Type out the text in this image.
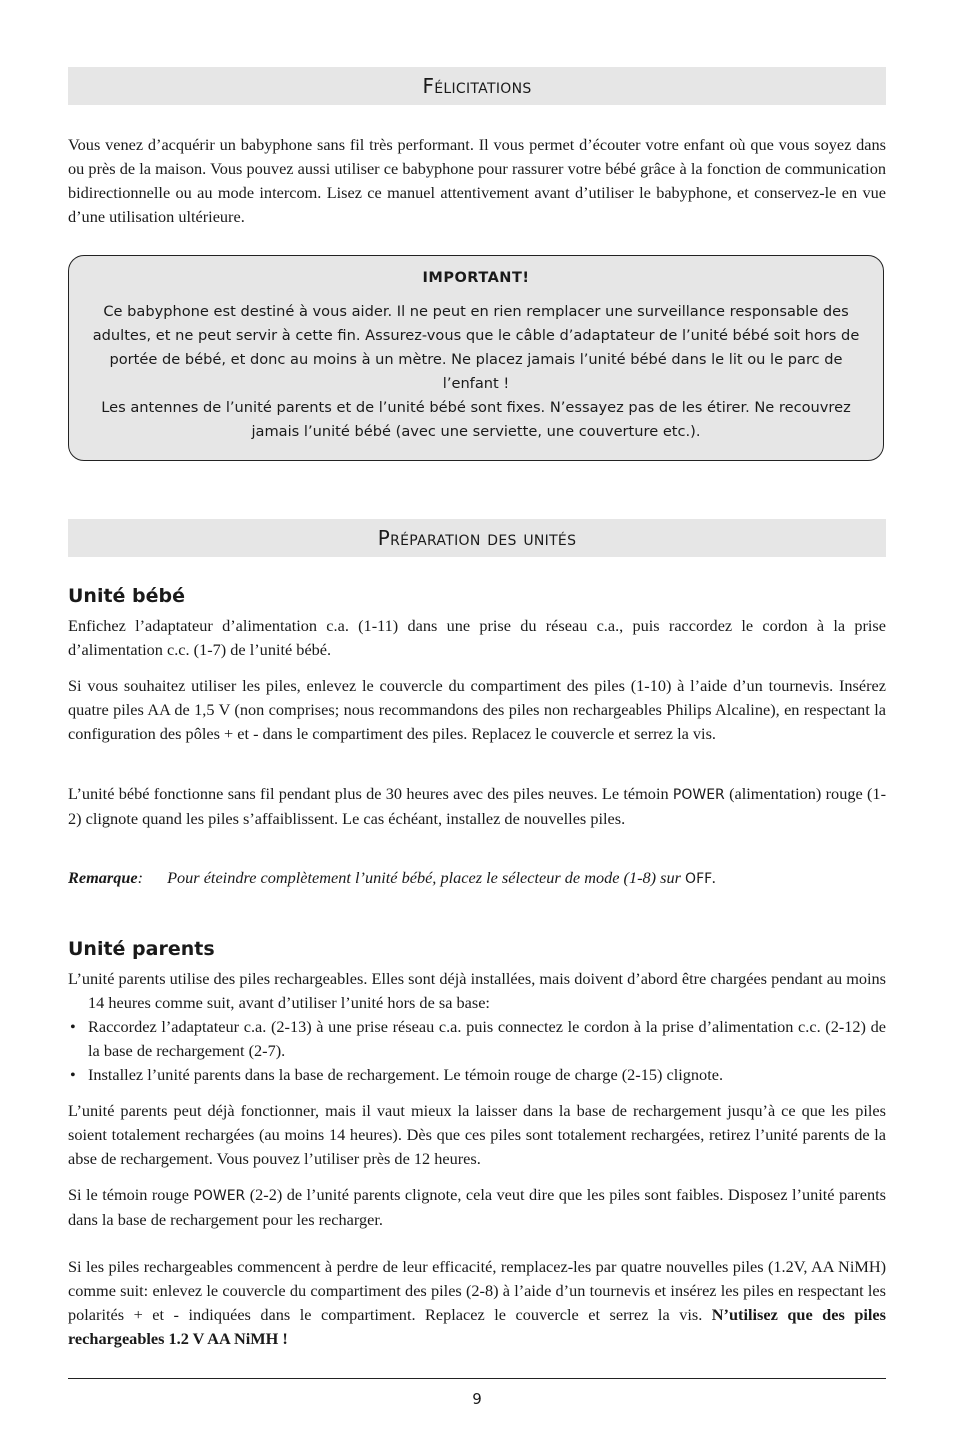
Félicitations

Vous venez d’acquérir un babyphone sans fil très performant. Il vous permet d’écouter votre enfant où que vous soyez dans ou près de la maison. Vous pouvez aussi utiliser ce babyphone pour rassurer votre bébé grâce à la fonction de communication bidirectionnelle ou au mode intercom. Lisez ce manuel attentivement avant d’utiliser le babyphone, et conservez-le en vue d’une utilisation ultérieure.

IMPORTANT!

Ce babyphone est destiné à vous aider. Il ne peut en rien remplacer une surveillance responsable des adultes, et ne peut servir à cette fin. Assurez-vous que le câble d’adaptateur de l’unité bébé soit hors de portée de bébé, et donc au moins à un mètre. Ne placez jamais l’unité bébé dans le lit ou le parc de l’enfant !
Les antennes de l’unité parents et de l’unité bébé sont fixes. N’essayez pas de les étirer. Ne recouvrez jamais l’unité bébé (avec une serviette, une couverture etc.).

Préparation des unités
Unité bébé

Enfichez l’adaptateur d’alimentation c.a. (1-11) dans une prise du réseau c.a., puis raccordez le cordon à la prise d’alimentation c.c. (1-7) de l’unité bébé.

Si vous souhaitez utiliser les piles, enlevez le couvercle du compartiment des piles (1-10) à l’aide d’un tournevis. Insérez quatre piles AA de 1,5 V (non comprises; nous recommandons des piles non rechargeables Philips Alcaline), en respectant la configuration des pôles + et - dans le compartiment des piles. Replacez le couvercle et serrez la vis.

L’unité bébé fonctionne sans fil pendant plus de 30 heures avec des piles neuves. Le témoin POWER (alimentation) rouge (1-2) clignote quand les piles s’affaiblissent. Le cas échéant, installez de nouvelles piles.

Remarque: Pour éteindre complètement l’unité bébé, placez le sélecteur de mode (1-8) sur OFF.

Unité parents

L’unité parents utilise des piles rechargeables. Elles sont déjà installées, mais doivent d’abord être chargées pendant au moins 14 heures comme suit, avant d’utiliser l’unité hors de sa base:

• Raccordez l’adaptateur c.a. (2-13) à une prise réseau c.a. puis connectez le cordon à la prise d’alimentation c.c. (2-12) de la base de rechargement (2-7).
• Installez l’unité parents dans la base de rechargement. Le témoin rouge de charge (2-15) clignote.

L’unité parents peut déjà fonctionner, mais il vaut mieux la laisser dans la base de rechargement jusqu’à ce que les piles soient totalement rechargées (au moins 14 heures). Dès que ces piles sont totalement rechargées, retirez l’unité parents de la abse de rechargement. Vous pouvez l’utiliser près de 12 heures.

Si le témoin rouge POWER (2-2) de l’unité parents clignote, cela veut dire que les piles sont faibles. Disposez l’unité parents dans la base de rechargement pour les recharger.

Si les piles rechargeables commencent à perdre de leur efficacité, remplacez-les par quatre nouvelles piles (1.2V, AA NiMH) comme suit: enlevez le couvercle du compartiment des piles (2-8) à l’aide d’un tournevis et insérez les piles en respectant les polarités + et - indiquées dans le compartiment. Replacez le couvercle et serrez la vis. N’utilisez que des piles rechargeables 1.2 V AA NiMH !

9
